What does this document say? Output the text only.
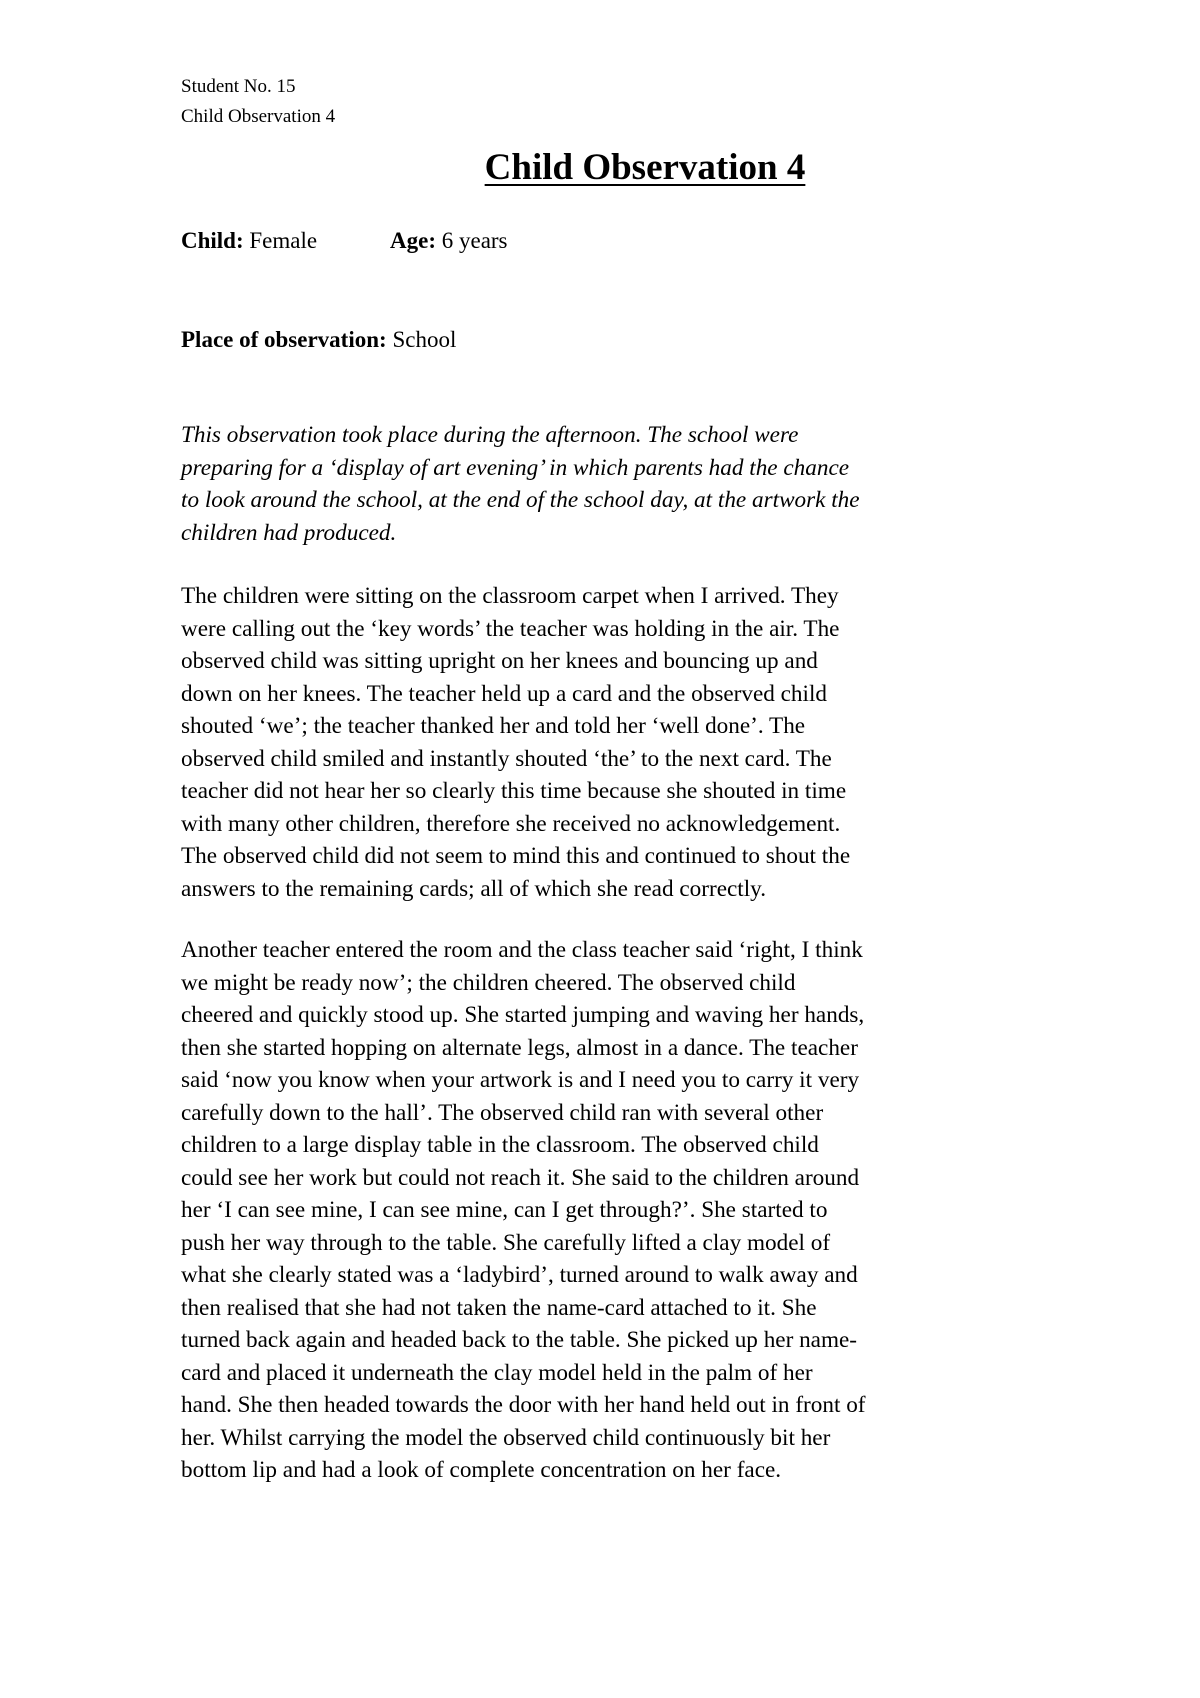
Student No. 15
Child Observation 4
Child Observation 4
Child: Female	Age: 6 years
Place of observation: School
This observation took place during the afternoon. The school were
preparing for a ‘display of art evening’ in which parents had the chance
to look around the school, at the end of the school day, at the artwork the
children had produced.
The children were sitting on the classroom carpet when I arrived. They
were calling out the ‘key words’ the teacher was holding in the air. The
observed child was sitting upright on her knees and bouncing up and
down on her knees. The teacher held up a card and the observed child
shouted ‘we’; the teacher thanked her and told her ‘well done’. The
observed child smiled and instantly shouted ‘the’ to the next card. The
teacher did not hear her so clearly this time because she shouted in time
with many other children, therefore she received no acknowledgement.
The observed child did not seem to mind this and continued to shout the
answers to the remaining cards; all of which she read correctly.
Another teacher entered the room and the class teacher said ‘right, I think
we might be ready now’; the children cheered. The observed child
cheered and quickly stood up. She started jumping and waving her hands,
then she started hopping on alternate legs, almost in a dance. The teacher
said ‘now you know when your artwork is and I need you to carry it very
carefully down to the hall’. The observed child ran with several other
children to a large display table in the classroom. The observed child
could see her work but could not reach it. She said to the children around
her ‘I can see mine, I can see mine, can I get through?’. She started to
push her way through to the table. She carefully lifted a clay model of
what she clearly stated was a ‘ladybird’, turned around to walk away and
then realised that she had not taken the name-card attached to it. She
turned back again and headed back to the table. She picked up her name-
card and placed it underneath the clay model held in the palm of her
hand. She then headed towards the door with her hand held out in front of
her. Whilst carrying the model the observed child continuously bit her
bottom lip and had a look of complete concentration on her face.
